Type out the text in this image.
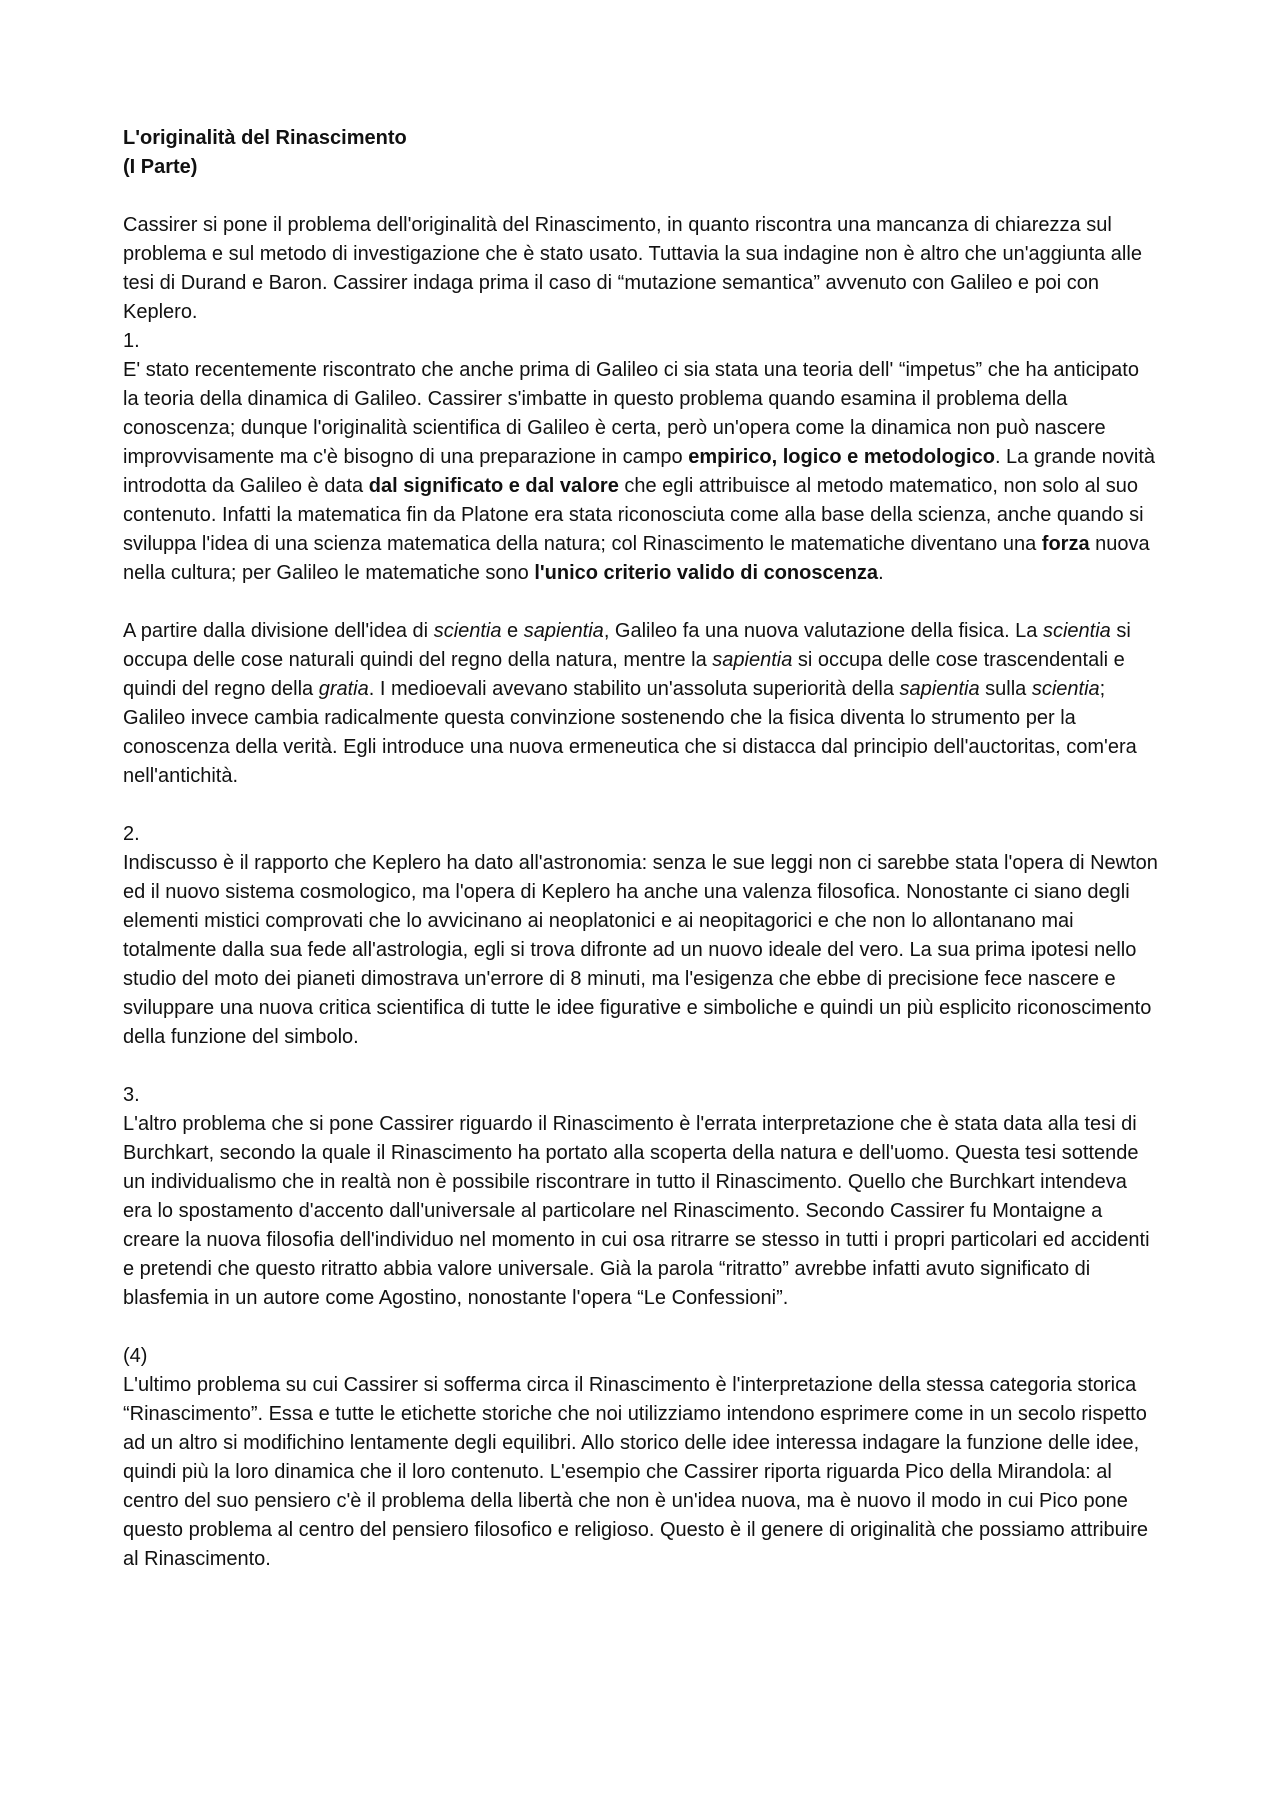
L'originalità del Rinascimento
(I Parte)

Cassirer si pone il problema dell'originalità del Rinascimento, in quanto riscontra una mancanza di chiarezza sul problema e sul metodo di investigazione che è stato usato. Tuttavia la sua indagine non è altro che un'aggiunta alle tesi di Durand e Baron. Cassirer indaga prima il caso di “mutazione semantica” avvenuto con Galileo e poi con Keplero.

1.

E' stato recentemente riscontrato che anche prima di Galileo ci sia stata una teoria dell' “impetus” che ha anticipato la teoria della dinamica di Galileo. Cassirer s'imbatte in questo problema quando esamina il problema della conoscenza; dunque l'originalità scientifica di Galileo è certa, però un'opera come la dinamica non può nascere improvvisamente ma c'è bisogno di una preparazione in campo empirico, logico e metodologico. La grande novità introdotta da Galileo è data dal significato e dal valore che egli attribuisce al metodo matematico, non solo al suo contenuto. Infatti la matematica fin da Platone era stata riconosciuta come alla base della scienza, anche quando si sviluppa l'idea di una scienza matematica della natura; col Rinascimento le matematiche diventano una forza nuova nella cultura; per Galileo le matematiche sono l'unico criterio valido di conoscenza.

A partire dalla divisione dell'idea di scientia e sapientia, Galileo fa una nuova valutazione della fisica. La scientia si occupa delle cose naturali quindi del regno della natura, mentre la sapientia si occupa delle cose trascendentali e quindi del regno della gratia. I medioevali avevano stabilito un'assoluta superiorità della sapientia sulla scientia; Galileo invece cambia radicalmente questa convinzione sostenendo che la fisica diventa lo strumento per la conoscenza della verità. Egli introduce una nuova ermeneutica che si distacca dal principio dell'auctoritas, com'era nell'antichità.

2.

Indiscusso è il rapporto che Keplero ha dato all'astronomia: senza le sue leggi non ci sarebbe stata l'opera di Newton ed il nuovo sistema cosmologico, ma l'opera di Keplero ha anche una valenza filosofica. Nonostante ci siano degli elementi mistici comprovati che lo avvicinano ai neoplatonici e ai neopitagorici e che non lo allontanano mai totalmente dalla sua fede all'astrologia, egli si trova difronte ad un nuovo ideale del vero. La sua prima ipotesi nello studio del moto dei pianeti dimostrava un'errore di 8 minuti, ma l'esigenza che ebbe di precisione fece nascere e sviluppare una nuova critica scientifica di tutte le idee figurative e simboliche e quindi un più esplicito riconoscimento della funzione del simbolo.

3.

L'altro problema che si pone Cassirer riguardo il Rinascimento è l'errata interpretazione che è stata data alla tesi di Burchkart, secondo la quale il Rinascimento ha portato alla scoperta della natura e dell'uomo. Questa tesi sottende un individualismo che in realtà non è possibile riscontrare in tutto il Rinascimento. Quello che Burchkart intendeva era lo spostamento d'accento dall'universale al particolare nel Rinascimento. Secondo Cassirer fu Montaigne a creare la nuova filosofia dell'individuo nel momento in cui osa ritrarre se stesso in tutti i propri particolari ed accidenti e pretendi che questo ritratto abbia valore universale. Già la parola “ritratto” avrebbe infatti avuto significato di blasfemia in un autore come Agostino, nonostante l'opera “Le Confessioni”.

(4)

L'ultimo problema su cui Cassirer si sofferma circa il Rinascimento è l'interpretazione della stessa categoria storica “Rinascimento”. Essa e tutte le etichette storiche che noi utilizziamo intendono esprimere come in un secolo rispetto ad un altro si modifichino lentamente degli equilibri. Allo storico delle idee interessa indagare la funzione delle idee, quindi più la loro dinamica che il loro contenuto. L'esempio che Cassirer riporta riguarda Pico della Mirandola: al centro del suo pensiero c'è il problema della libertà che non è un'idea nuova, ma è nuovo il modo in cui Pico pone questo problema al centro del pensiero filosofico e religioso. Questo è il genere di originalità che possiamo attribuire al Rinascimento.
